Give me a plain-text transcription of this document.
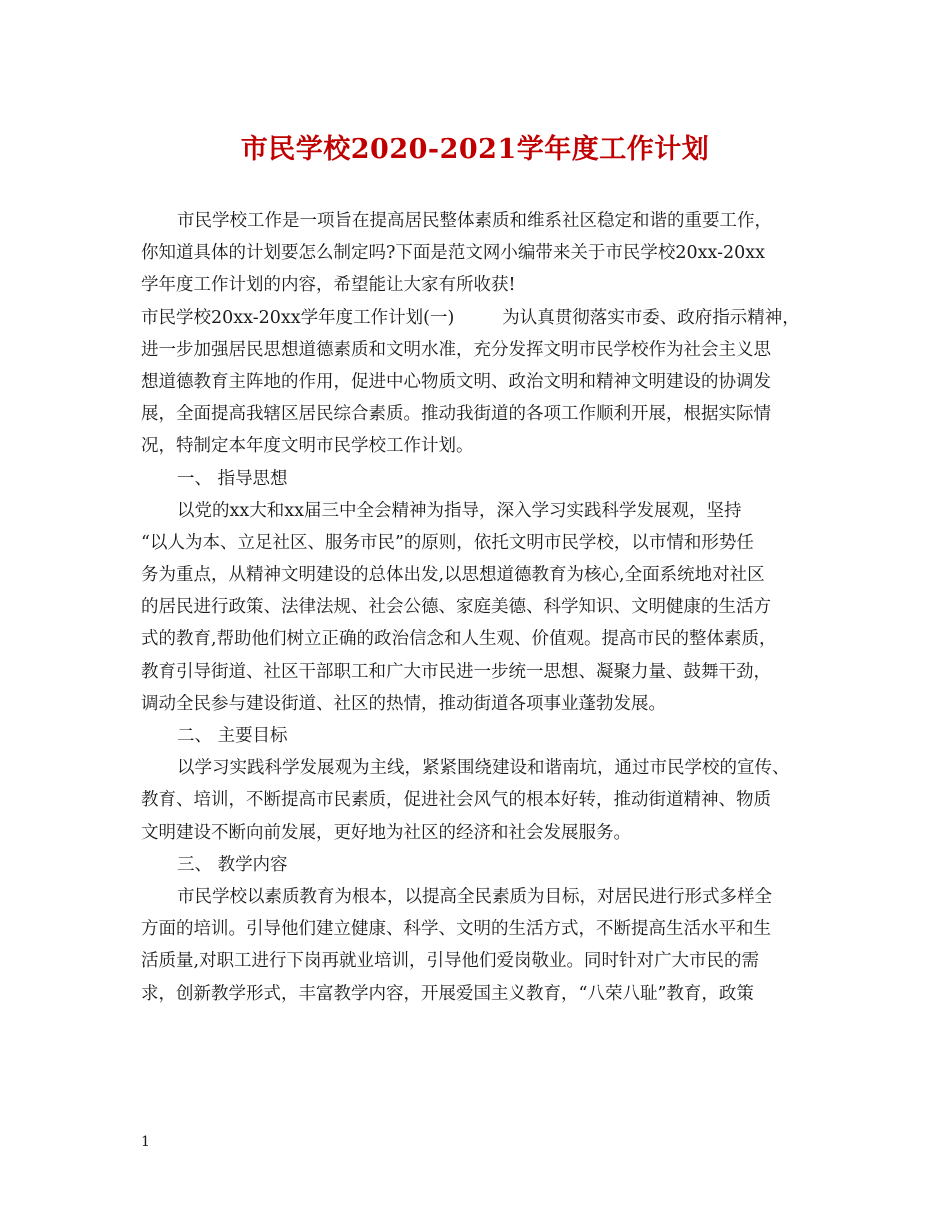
市民学校2020-2021学年度工作计划
市民学校工作是一项旨在提高居民整体素质和维系社区稳定和谐的重要工作，
你知道具体的计划要怎么制定吗?下面是范文网小编带来关于市民学校20xx-20xx
学年度工作计划的内容，希望能让大家有所收获!
市民学校20xx-20xx学年度工作计划(一)	为认真贯彻落实市委、政府指示精神，
进一步加强居民思想道德素质和文明水准，充分发挥文明市民学校作为社会主义思
想道德教育主阵地的作用，促进中心物质文明、政治文明和精神文明建设的协调发
展，全面提高我辖区居民综合素质。推动我街道的各项工作顺利开展，根据实际情
况，特制定本年度文明市民学校工作计划。
一、 指导思想
以党的xx大和xx届三中全会精神为指导，深入学习实践科学发展观，坚持
“以人为本、立足社区、服务市民”的原则，依托文明市民学校，以市情和形势任
务为重点，从精神文明建设的总体出发,以思想道德教育为核心,全面系统地对社区
的居民进行政策、法律法规、社会公德、家庭美德、科学知识、文明健康的生活方
式的教育,帮助他们树立正确的政治信念和人生观、价值观。提高市民的整体素质，
教育引导街道、社区干部职工和广大市民进一步统一思想、凝聚力量、鼓舞干劲，
调动全民参与建设街道、社区的热情，推动街道各项事业蓬勃发展。
二、 主要目标
以学习实践科学发展观为主线，紧紧围绕建设和谐南坑，通过市民学校的宣传、
教育、培训，不断提高市民素质，促进社会风气的根本好转，推动街道精神、物质
文明建设不断向前发展，更好地为社区的经济和社会发展服务。
三、 教学内容
市民学校以素质教育为根本，以提高全民素质为目标，对居民进行形式多样全
方面的培训。引导他们建立健康、科学、文明的生活方式，不断提高生活水平和生
活质量,对职工进行下岗再就业培训，引导他们爱岗敬业。同时针对广大市民的需
求，创新教学形式，丰富教学内容，开展爱国主义教育，“八荣八耻”教育，政策
1
